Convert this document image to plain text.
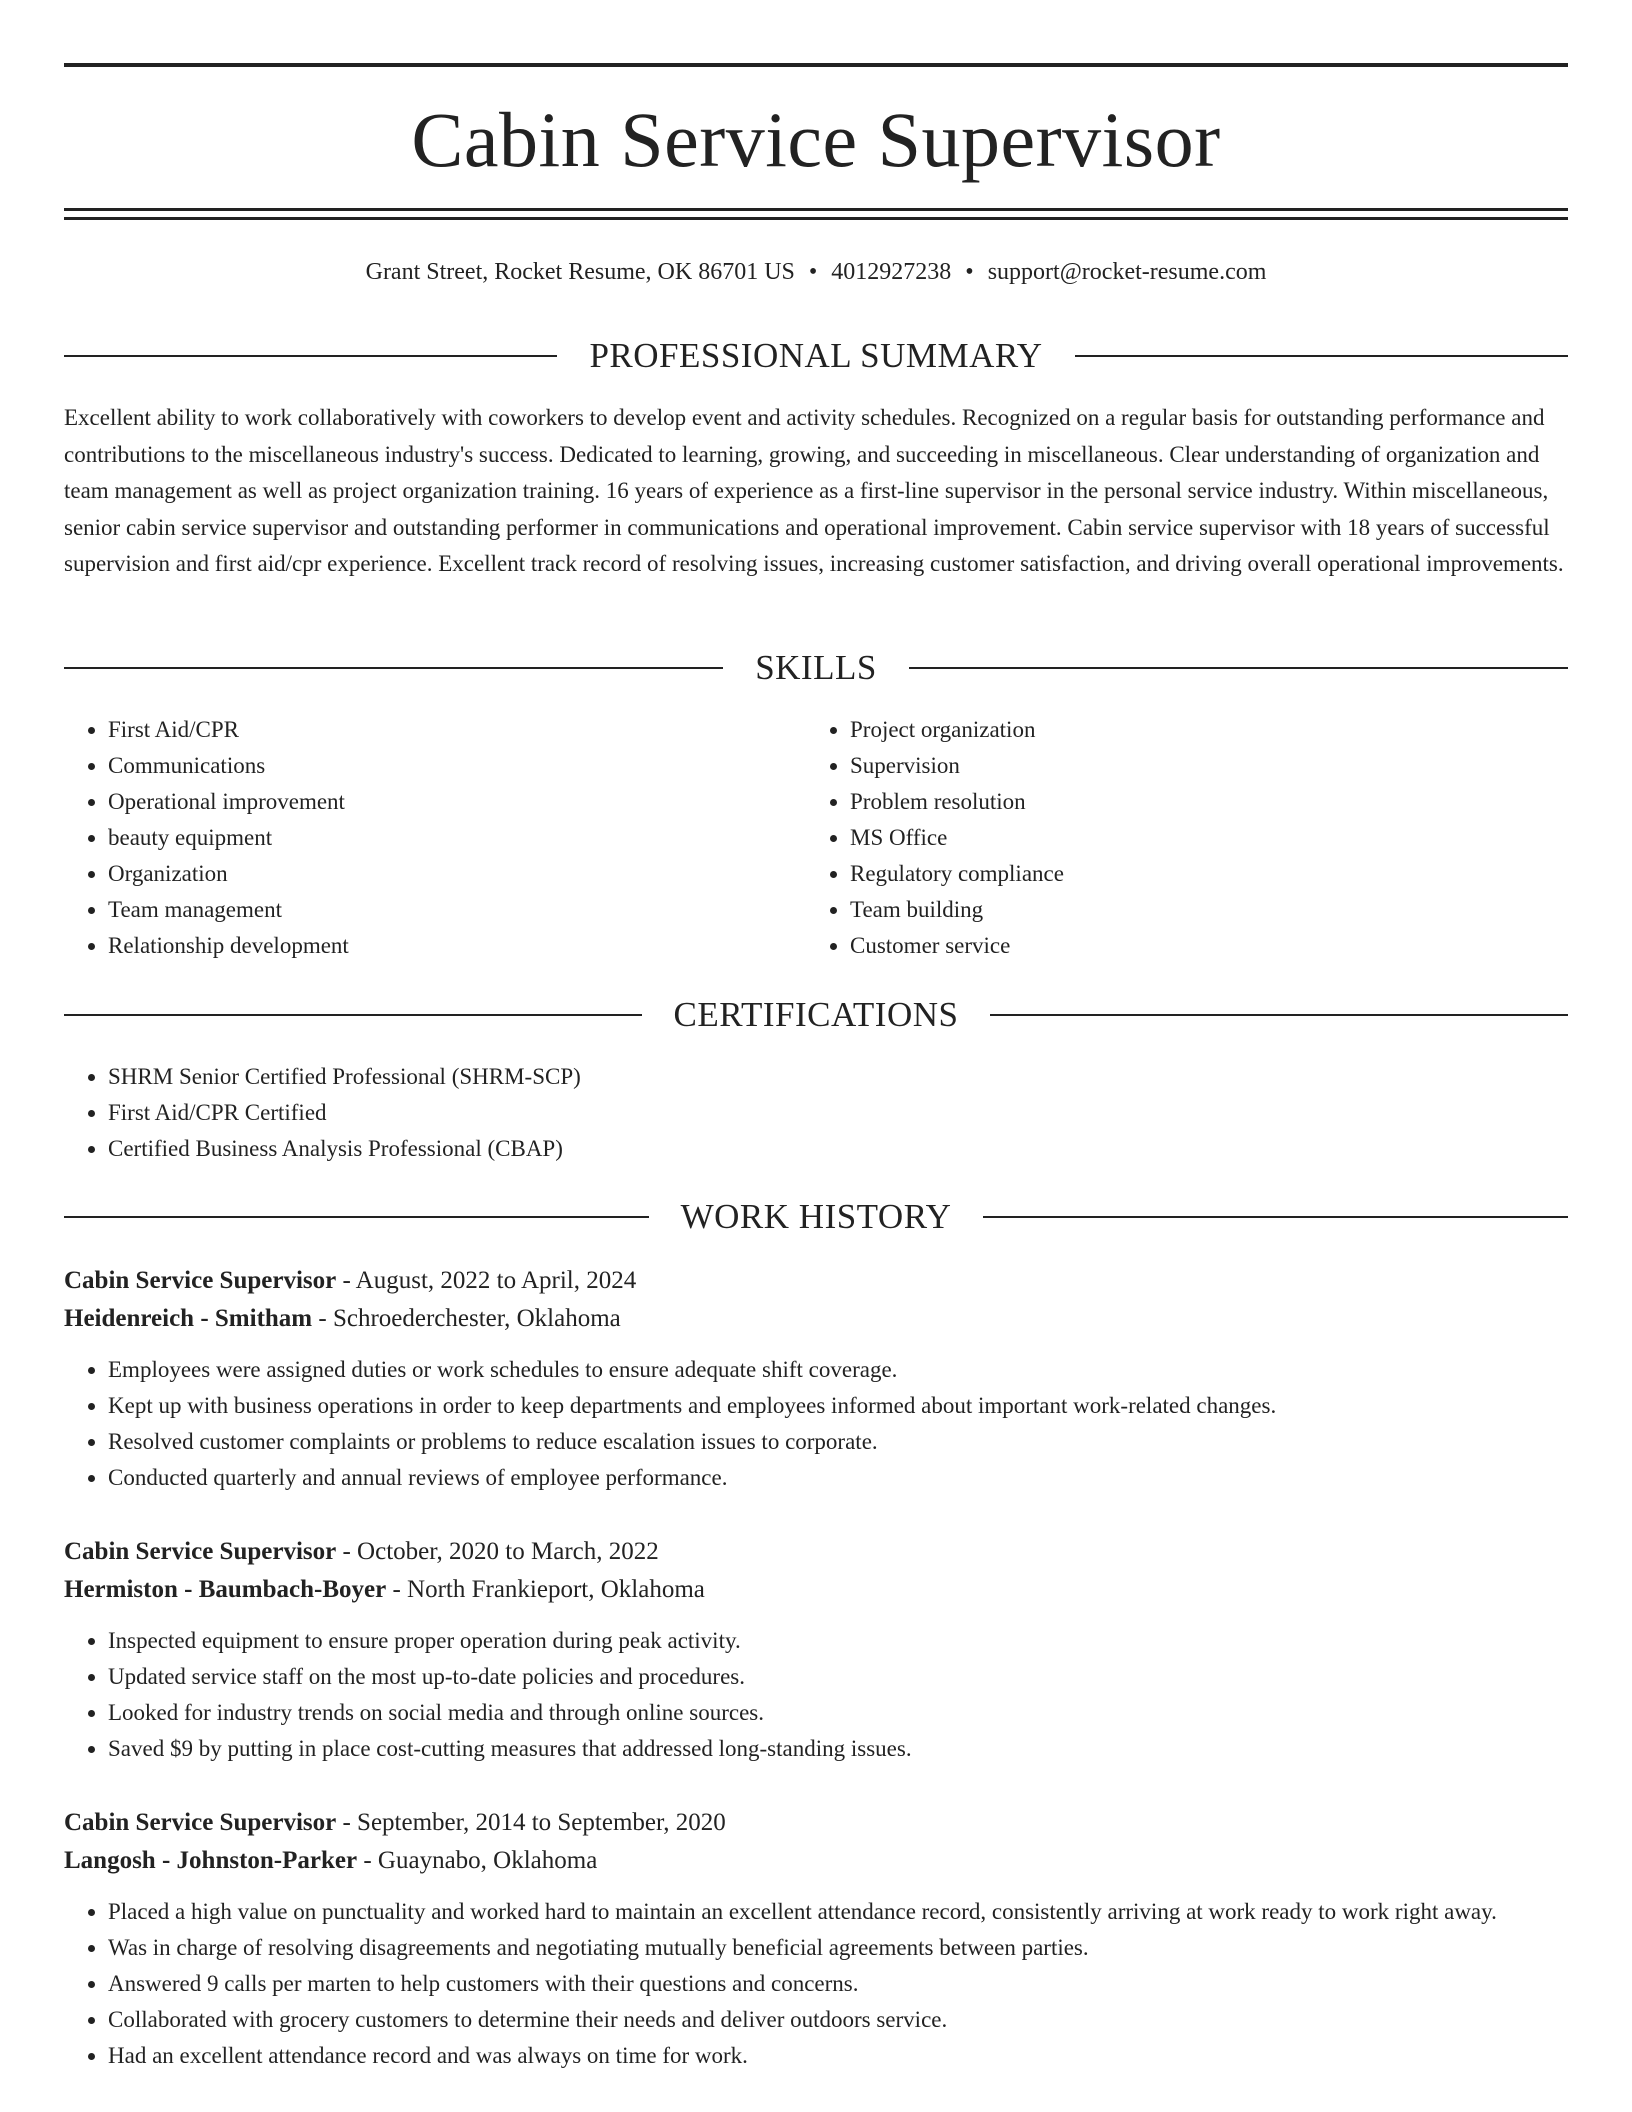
Cabin Service Supervisor
Grant Street, Rocket Resume, OK 86701 US • 4012927238 • support@rocket-resume.com
PROFESSIONAL SUMMARY
Excellent ability to work collaboratively with coworkers to develop event and activity schedules. Recognized on a regular basis for outstanding performance and contributions to the miscellaneous industry's success. Dedicated to learning, growing, and succeeding in miscellaneous. Clear understanding of organization and team management as well as project organization training. 16 years of experience as a first-line supervisor in the personal service industry. Within miscellaneous, senior cabin service supervisor and outstanding performer in communications and operational improvement. Cabin service supervisor with 18 years of successful supervision and first aid/cpr experience. Excellent track record of resolving issues, increasing customer satisfaction, and driving overall operational improvements.
SKILLS
• First Aid/CPR
• Communications
• Operational improvement
• beauty equipment
• Organization
• Team management
• Relationship development
• Project organization
• Supervision
• Problem resolution
• MS Office
• Regulatory compliance
• Team building
• Customer service
CERTIFICATIONS
• SHRM Senior Certified Professional (SHRM-SCP)
• First Aid/CPR Certified
• Certified Business Analysis Professional (CBAP)
WORK HISTORY
Cabin Service Supervisor - August, 2022 to April, 2024
Heidenreich - Smitham - Schroederchester, Oklahoma
• Employees were assigned duties or work schedules to ensure adequate shift coverage.
• Kept up with business operations in order to keep departments and employees informed about important work-related changes.
• Resolved customer complaints or problems to reduce escalation issues to corporate.
• Conducted quarterly and annual reviews of employee performance.
Cabin Service Supervisor - October, 2020 to March, 2022
Hermiston - Baumbach-Boyer - North Frankieport, Oklahoma
• Inspected equipment to ensure proper operation during peak activity.
• Updated service staff on the most up-to-date policies and procedures.
• Looked for industry trends on social media and through online sources.
• Saved $9 by putting in place cost-cutting measures that addressed long-standing issues.
Cabin Service Supervisor - September, 2014 to September, 2020
Langosh - Johnston-Parker - Guaynabo, Oklahoma
• Placed a high value on punctuality and worked hard to maintain an excellent attendance record, consistently arriving at work ready to work right away.
• Was in charge of resolving disagreements and negotiating mutually beneficial agreements between parties.
• Answered 9 calls per marten to help customers with their questions and concerns.
• Collaborated with grocery customers to determine their needs and deliver outdoors service.
• Had an excellent attendance record and was always on time for work.
